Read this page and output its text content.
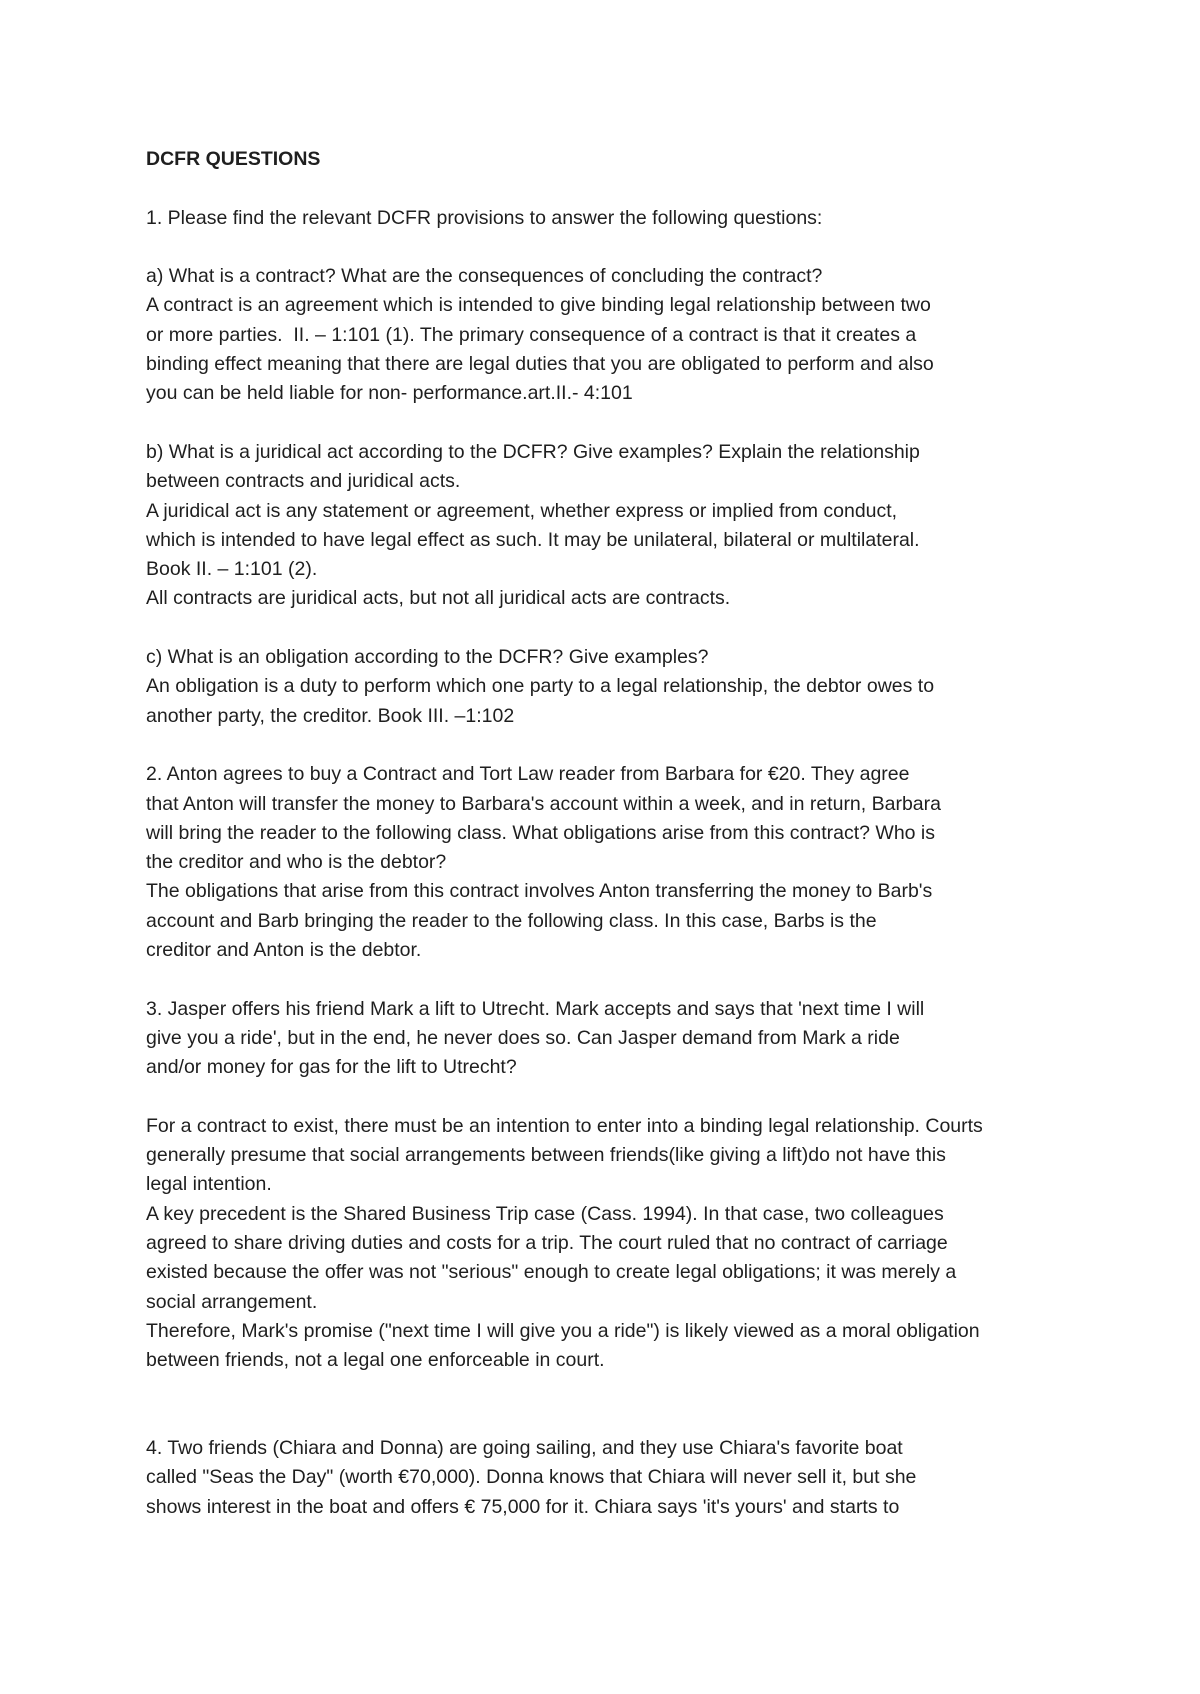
DCFR QUESTIONS
1. Please find the relevant DCFR provisions to answer the following questions:
a) What is a contract? What are the consequences of concluding the contract?
A contract is an agreement which is intended to give binding legal relationship between two
or more parties.  II. – 1:101 (1). The primary consequence of a contract is that it creates a
binding effect meaning that there are legal duties that you are obligated to perform and also
you can be held liable for non- performance.art.II.- 4:101
b) What is a juridical act according to the DCFR? Give examples? Explain the relationship
between contracts and juridical acts.
A juridical act is any statement or agreement, whether express or implied from conduct,
which is intended to have legal effect as such. It may be unilateral, bilateral or multilateral.
Book II. – 1:101 (2).
All contracts are juridical acts, but not all juridical acts are contracts.
c) What is an obligation according to the DCFR? Give examples?
An obligation is a duty to perform which one party to a legal relationship, the debtor owes to
another party, the creditor. Book III. –1:102
2. Anton agrees to buy a Contract and Tort Law reader from Barbara for €20. They agree
that Anton will transfer the money to Barbara's account within a week, and in return, Barbara
will bring the reader to the following class. What obligations arise from this contract? Who is
the creditor and who is the debtor?
The obligations that arise from this contract involves Anton transferring the money to Barb's
account and Barb bringing the reader to the following class. In this case, Barbs is the
creditor and Anton is the debtor.
3. Jasper offers his friend Mark a lift to Utrecht. Mark accepts and says that 'next time I will
give you a ride', but in the end, he never does so. Can Jasper demand from Mark a ride
and/or money for gas for the lift to Utrecht?
For a contract to exist, there must be an intention to enter into a binding legal relationship. Courts
generally presume that social arrangements between friends(like giving a lift)do not have this
legal intention.
A key precedent is the Shared Business Trip case (Cass. 1994). In that case, two colleagues
agreed to share driving duties and costs for a trip. The court ruled that no contract of carriage
existed because the offer was not "serious" enough to create legal obligations; it was merely a
social arrangement.
Therefore, Mark's promise ("next time I will give you a ride") is likely viewed as a moral obligation
between friends, not a legal one enforceable in court.
4. Two friends (Chiara and Donna) are going sailing, and they use Chiara's favorite boat
called "Seas the Day" (worth €70,000). Donna knows that Chiara will never sell it, but she
shows interest in the boat and offers € 75,000 for it. Chiara says 'it's yours' and starts to
